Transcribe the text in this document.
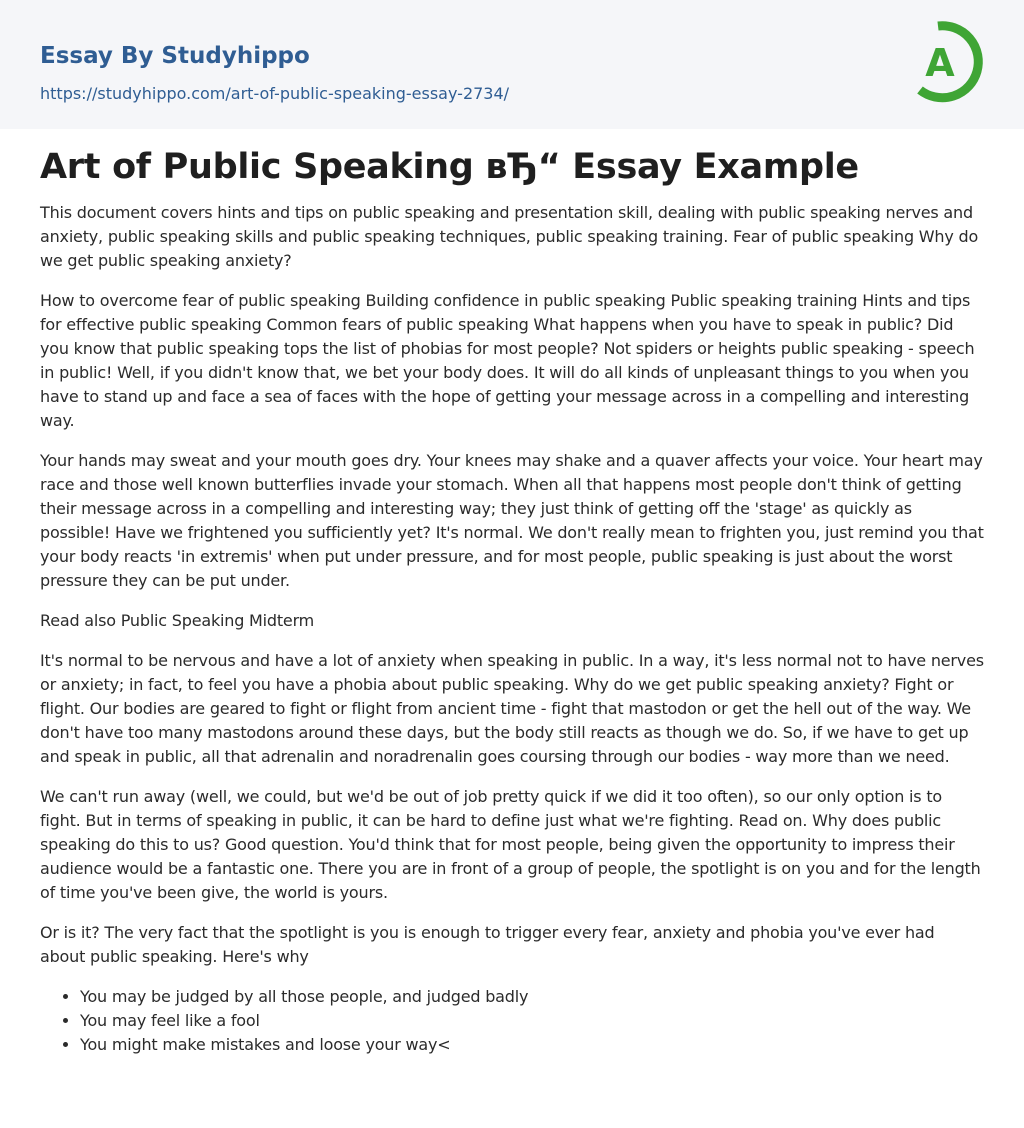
Essay By Studyhippo
https://studyhippo.com/art-of-public-speaking-essay-2734/
A
Art of Public Speaking вЂ“ Essay Example

This document covers hints and tips on public speaking and presentation skill, dealing with public speaking nerves and anxiety, public speaking skills and public speaking techniques, public speaking training. Fear of public speaking Why do we get public speaking anxiety?

How to overcome fear of public speaking Building confidence in public speaking Public speaking training Hints and tips for effective public speaking Common fears of public speaking What happens when you have to speak in public? Did you know that public speaking tops the list of phobias for most people? Not spiders or heights public speaking - speech in public! Well, if you didn't know that, we bet your body does. It will do all kinds of unpleasant things to you when you have to stand up and face a sea of faces with the hope of getting your message across in a compelling and interesting way.

Your hands may sweat and your mouth goes dry. Your knees may shake and a quaver affects your voice. Your heart may race and those well known butterflies invade your stomach. When all that happens most people don't think of getting their message across in a compelling and interesting way; they just think of getting off the 'stage' as quickly as possible! Have we frightened you sufficiently yet? It's normal. We don't really mean to frighten you, just remind you that your body reacts 'in extremis' when put under pressure, and for most people, public speaking is just about the worst pressure they can be put under.

Read also Public Speaking Midterm

It's normal to be nervous and have a lot of anxiety when speaking in public. In a way, it's less normal not to have nerves or anxiety; in fact, to feel you have a phobia about public speaking. Why do we get public speaking anxiety? Fight or flight. Our bodies are geared to fight or flight from ancient time - fight that mastodon or get the hell out of the way. We don't have too many mastodons around these days, but the body still reacts as though we do. So, if we have to get up and speak in public, all that adrenalin and noradrenalin goes coursing through our bodies - way more than we need.

We can't run away (well, we could, but we'd be out of job pretty quick if we did it too often), so our only option is to fight. But in terms of speaking in public, it can be hard to define just what we're fighting. Read on. Why does public speaking do this to us? Good question. You'd think that for most people, being given the opportunity to impress their audience would be a fantastic one. There you are in front of a group of people, the spotlight is on you and for the length of time you've been give, the world is yours.

Or is it? The very fact that the spotlight is you is enough to trigger every fear, anxiety and phobia you've ever had about public speaking. Here's why

• You may be judged by all those people, and judged badly
• You may feel like a fool
• You might make mistakes and loose your way<
